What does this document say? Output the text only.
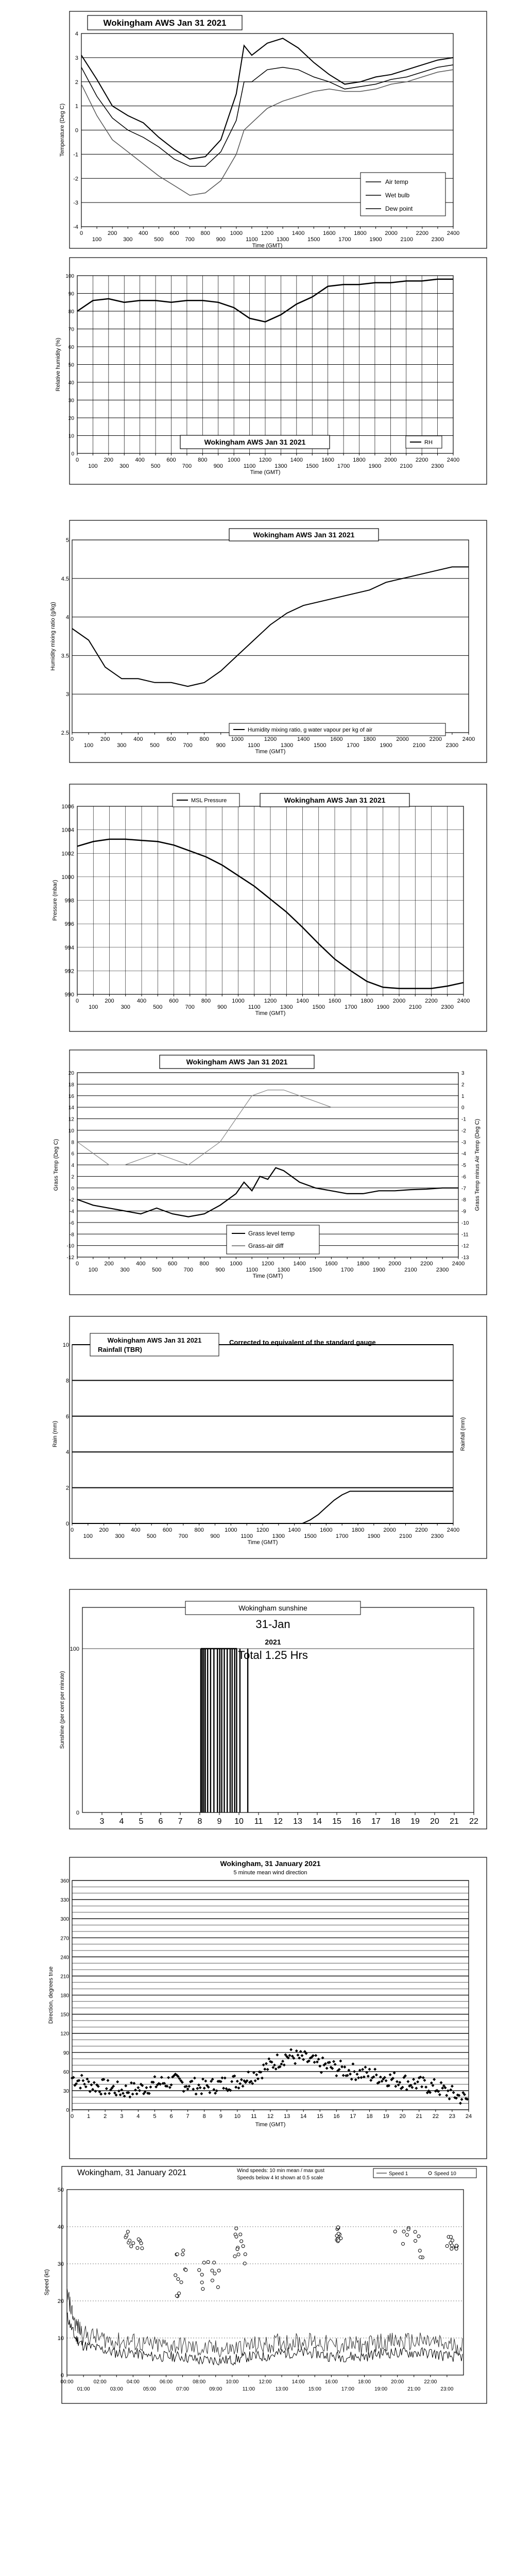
4
3
2
1
0
-1
-2
-3
-4
0
100
200
300
400
500
600
700
800
900
1000
1100
1200
1300
1400
1500
1600
1700
1800
1900
2000
2100
2200
2300
2400
Time (GMT)
Temperature (Deg C)
Wokingham AWS Jan 31 2021
Air temp
Wet bulb
Dew point
100
90
80
70
60
50
40
30
20
10
0
0
100
200
300
400
500
600
700
800
900
1000
1100
1200
1300
1400
1500
1600
1700
1800
1900
2000
2100
2200
2300
2400
Time (GMT)
Relative humidity (%)
Wokingham AWS Jan 31 2021	RH
5
4.5
4
3.5
3
2.5
0
100
200
300
400
500
600
700
800
900
1000
1100
1200
1300
1400
1500
1600
1700
1800
1900
2000
2100
2200
2300
2400
Time (GMT)
Humidity mixing ratio (g/kg)
Wokingham AWS Jan 31 2021
Humidity mixing ratio, g water vapour per kg of air
1006
1004
1002
1000
998
996
994
992
990
0
100
200
300
400
500
600
700
800
900
1000
1100
1200
1300
1400
1500
1600
1700
1800
1900
2000
2100
2200
2300
2400
Time (GMT)
Pressure (mbar)
MSL Pressure	Wokingham AWS Jan 31 2021
20
18
16
14
12
10
8
6
4
2
0
-2
-4
-6
-8
-10
-12
3
2
1
0
-1
-2
-3
-4
-5
-6
-7
-8
-9
-10
-11
-12
-13
0
100
200
300
400
500
600
700
800
900
1000
1100
1200
1300
1400
1500
1600
1700
1800
1900
2000
2100
2200
2300
2400
Time (GMT)
Grass Temp (Deg C)	Grass Temp minus Air Temp (Deg C)
Wokingham AWS Jan 31 2021
Grass level temp
Grass-air diff
10
8
6
4
2
0
0
100
200
300
400
500
600
700
800
900
1000
1100
1200
1300
1400
1500
1600
1700
1800
1900
2000
2100
2200
2300
2400
Time (GMT)
Rain (mm)	Rainfall (mm)
Wokingham AWS Jan 31 2021
Rainfall (TBR)
Corrected to equivalent of the standard gauge
100
0
Sunshine (per cent per minute)
3 4 5 6 7 8 9 10 11 12 13 14 15 16 17 18 19 20 21 22
Wokingham sunshine
31-Jan
2021
Total 1.25 Hrs
360
330
300
270
240
210
180
150
120
90
60
30
0
0 1 2 3 4 5 6 7 8 9 10 11 12 13 14 15 16 17 18 19 20 21 22 23 24
Time (GMT)
Direction, degrees true
Wokingham, 31 January 2021
5 minute mean wind direction
50
40
30
20
10
0
Speed (kt)
00:00	02:00	04:00	06:00	08:00	10:00	12:00	14:00	16:00	18:00	20:00	22:00
01:00	03:00	05:00	07:00	09:00	11:00	13:00	15:00	17:00	19:00	21:00	23:00
Wokingham, 31 January 2021	Wind speeds: 10 min mean / max gust
Speeds below 4 kt shown at 0.5 scale
Speed 1	Speed 10
